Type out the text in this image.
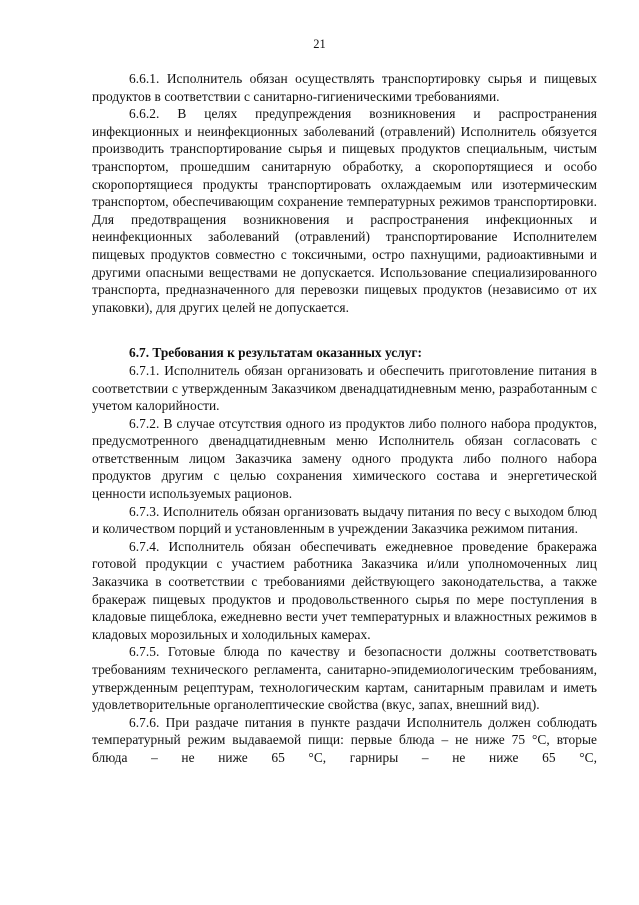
21

6.6.1. Исполнитель обязан осуществлять транспортировку сырья и пищевых продуктов в соответствии с санитарно-гигиеническими требованиями.

6.6.2. В целях предупреждения возникновения и распространения инфекционных и неинфекционных заболеваний (отравлений) Исполнитель обязуется производить транспортирование сырья и пищевых продуктов специальным, чистым транспортом, прошедшим санитарную обработку, а скоропортящиеся и особо скоропортящиеся продукты транспортировать охлаждаемым или изотермическим транспортом, обеспечивающим сохранение температурных режимов транспортировки. Для предотвращения возникновения и распространения инфекционных и неинфекционных заболеваний (отравлений) транспортирование Исполнителем пищевых продуктов совместно с токсичными, остро пахнущими, радиоактивными и другими опасными веществами не допускается. Использование специализированного транспорта, предназначенного для перевозки пищевых продуктов (независимо от их упаковки), для других целей не допускается.

6.7. Требования к результатам оказанных услуг:

6.7.1. Исполнитель обязан организовать и обеспечить приготовление питания в соответствии с утвержденным Заказчиком двенадцатидневным меню, разработанным с учетом калорийности.

6.7.2. В случае отсутствия одного из продуктов либо полного набора продуктов, предусмотренного двенадцатидневным меню Исполнитель обязан согласовать с ответственным лицом Заказчика замену одного продукта либо полного набора продуктов другим с целью сохранения химического состава и энергетической ценности используемых рационов.

6.7.3. Исполнитель обязан организовать выдачу питания по весу с выходом блюд и количеством порций и установленным в учреждении Заказчика режимом питания.

6.7.4. Исполнитель обязан обеспечивать ежедневное проведение бракеража готовой продукции с участием работника Заказчика и/или уполномоченных лиц Заказчика в соответствии с требованиями действующего законодательства, а также бракераж пищевых продуктов и продовольственного сырья по мере поступления в кладовые пищеблока, ежедневно вести учет температурных и влажностных режимов в кладовых морозильных и холодильных камерах.

6.7.5. Готовые блюда по качеству и безопасности должны соответствовать требованиям технического регламента, санитарно-эпидемиологическим требованиям, утвержденным рецептурам, технологическим картам, санитарным правилам и иметь удовлетворительные органолептические свойства (вкус, запах, внешний вид).

6.7.6. При раздаче питания в пункте раздачи Исполнитель должен соблюдать температурный режим выдаваемой пищи: первые блюда – не ниже 75 °С, вторые блюда – не ниже 65 °С, гарниры – не ниже 65 °С,
